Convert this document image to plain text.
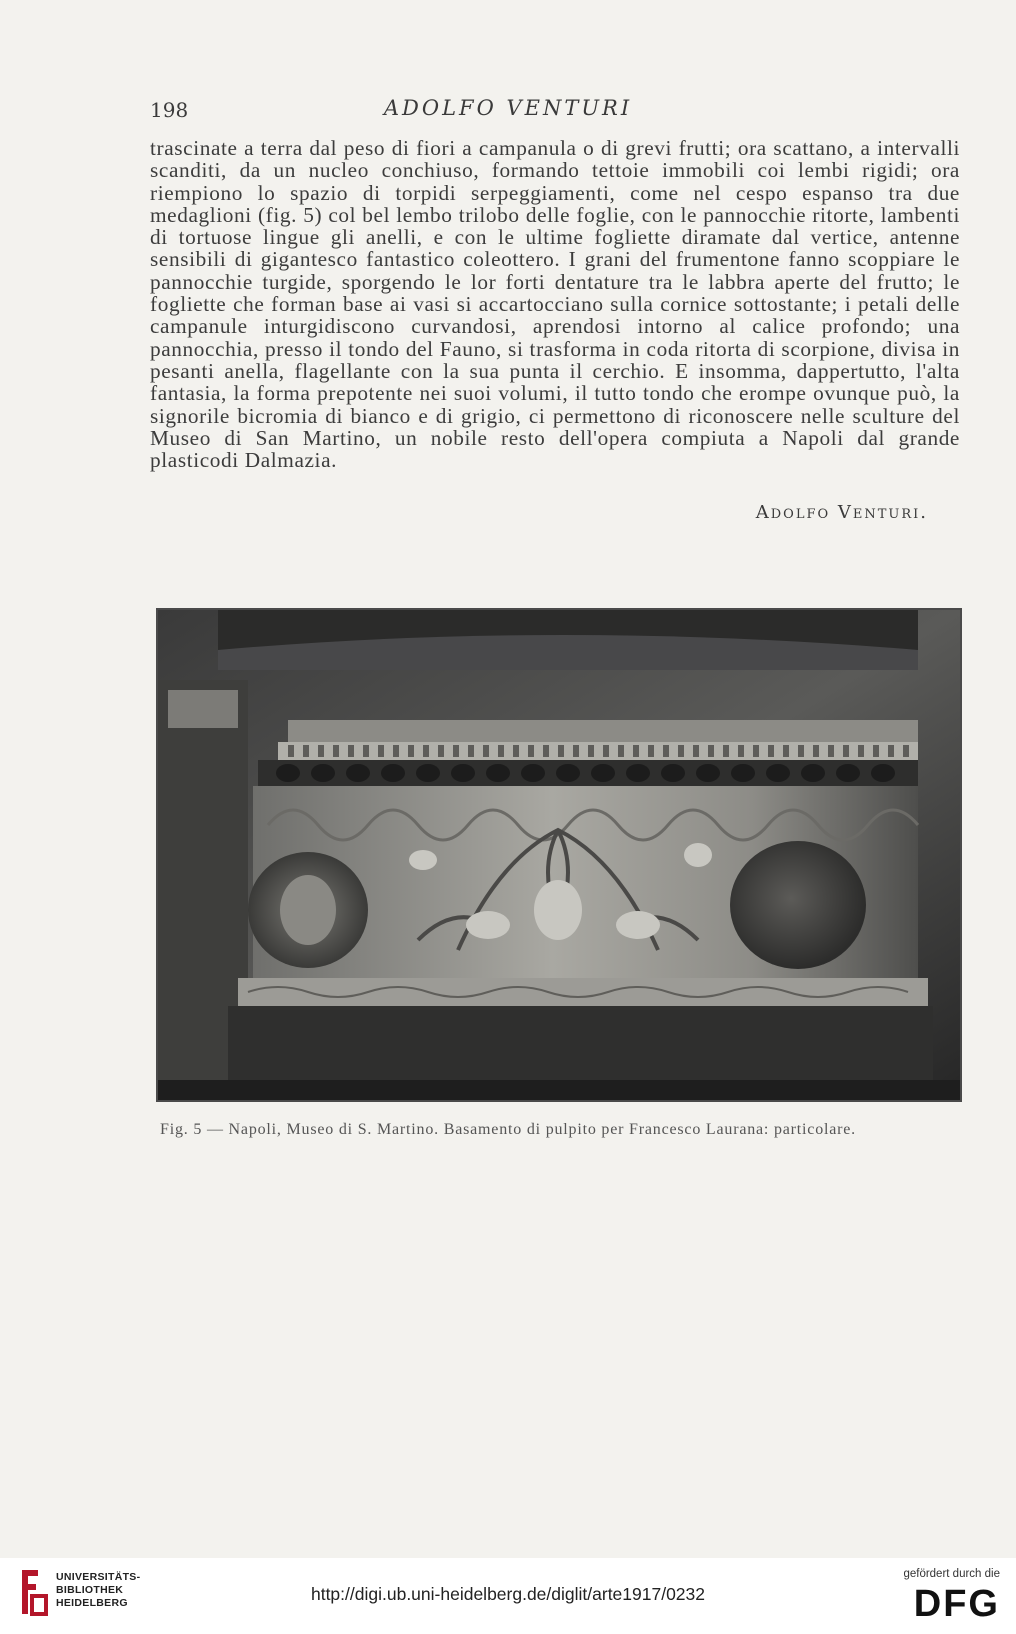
198	ADOLFO VENTURI

trascinate a terra dal peso di fiori a campanula o di grevi frutti; ora scattano, a intervalli scanditi, da un nucleo conchiuso, formando tettoie immobili coi lembi rigidi; ora riempiono lo spazio di torpidi serpeggiamenti, come nel cespo espanso tra due medaglioni (fig. 5) col bel lembo trilobo delle foglie, con le pannocchie ritorte, lambenti di tortuose lingue gli anelli, e con le ultime fogliette diramate dal vertice, antenne sensibili di gigantesco fantastico coleottero. I grani del frumentone fanno scoppiare le pannocchie turgide, sporgendo le lor forti dentature tra le labbra aperte del frutto; le fogliette che forman base ai vasi si accartocciano sulla cornice sottostante; i petali delle campanule inturgidiscono curvandosi, aprendosi intorno al calice profondo; una pannocchia, presso il tondo del Fauno, si trasforma in coda ritorta di scorpione, divisa in pesanti anella, flagellante con la sua punta il cerchio. E insomma, dappertutto, l'alta fantasia, la forma prepotente nei suoi volumi, il tutto tondo che erompe ovunque può, la signorile bicromia di bianco e di grigio, ci permettono di riconoscere nelle sculture del Museo di San Martino, un nobile resto dell'opera compiuta a Napoli dal grande plasticodi Dalmazia.

Adolfo Venturi.
Fig. 5 — Napoli, Museo di S. Martino. Basamento di pulpito per Francesco Laurana: particolare.
UNIVERSITÄTS-
BIBLIOTHEK
HEIDELBERG	http://digi.ub.uni-heidelberg.de/diglit/arte1917/0232
gefördert durch die
DFG
